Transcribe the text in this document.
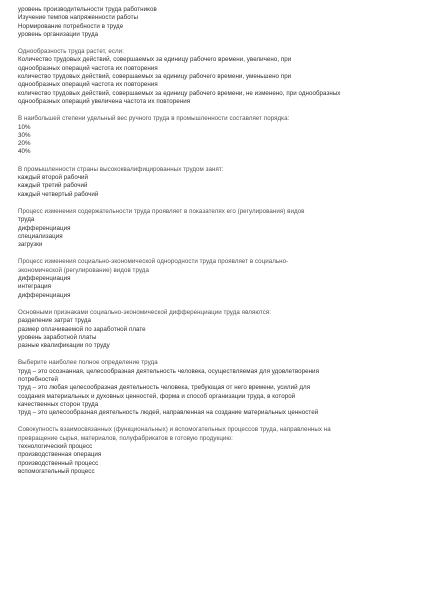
уровень производительности труда работников
Изучение темпов напряженности работы
Нормирование потребности в труде
уровень организации труда
Однообразность труда растет, если:
Количество трудовых действий, совершаемых за единицу рабочего времени, увеличено, при
однообразных операций частота их повторения
количество трудовых действий, совершаемых за единицу рабочего времени, уменьшено при
однообразных операций частота их повторения
количество трудовых действий, совершаемых за единицу рабочего времени, не изменено, при однообразных
однообразных операций увеличена частота их повторения
В наибольшей степени удельный вес ручного труда в промышленности составляет порядка:
10%
30%
20%
40%
В промышленности страны высококвалифицированных трудом занят:
каждый второй рабочий
каждый третий рабочий
каждый четвертый рабочий
Процесс изменения содержательности труда проявляет в показателях его (регулирования) видов
труда
дифференциация
специализация
загрузки
Процесс изменения социально-экономической однородности труда проявляет в социально-
экономической (регулирование) видов труда
дифференциация
интеграция
дифференциация
Основными признаками социально-экономической дифференциации труда являются:
разделение затрат труда
размер оплачиваемой по заработной плате
уровень заработной платы
разные квалификации по труду
Выберите наиболее полное определение труда
труд – это осознанная, целесообразная деятельность человека, осуществляемая для удовлетворения
потребностей
труд – это любая целесообразная деятельность человека, требующая от него времени, усилий для
создания материальных и духовных ценностей, форма и способ организации труда, в которой
качественных сторон труда
труд – это целесообразная деятельность людей, направленная на создание материальных ценностей
Совокупность взаимосвязанных (функциональных) и вспомогательных процессов труда, направленных на
превращение сырья, материалов, полуфабрикатов в готовую продукцию:
технологический процесс
производственная операция
производственный процесс
вспомогательный процесс
